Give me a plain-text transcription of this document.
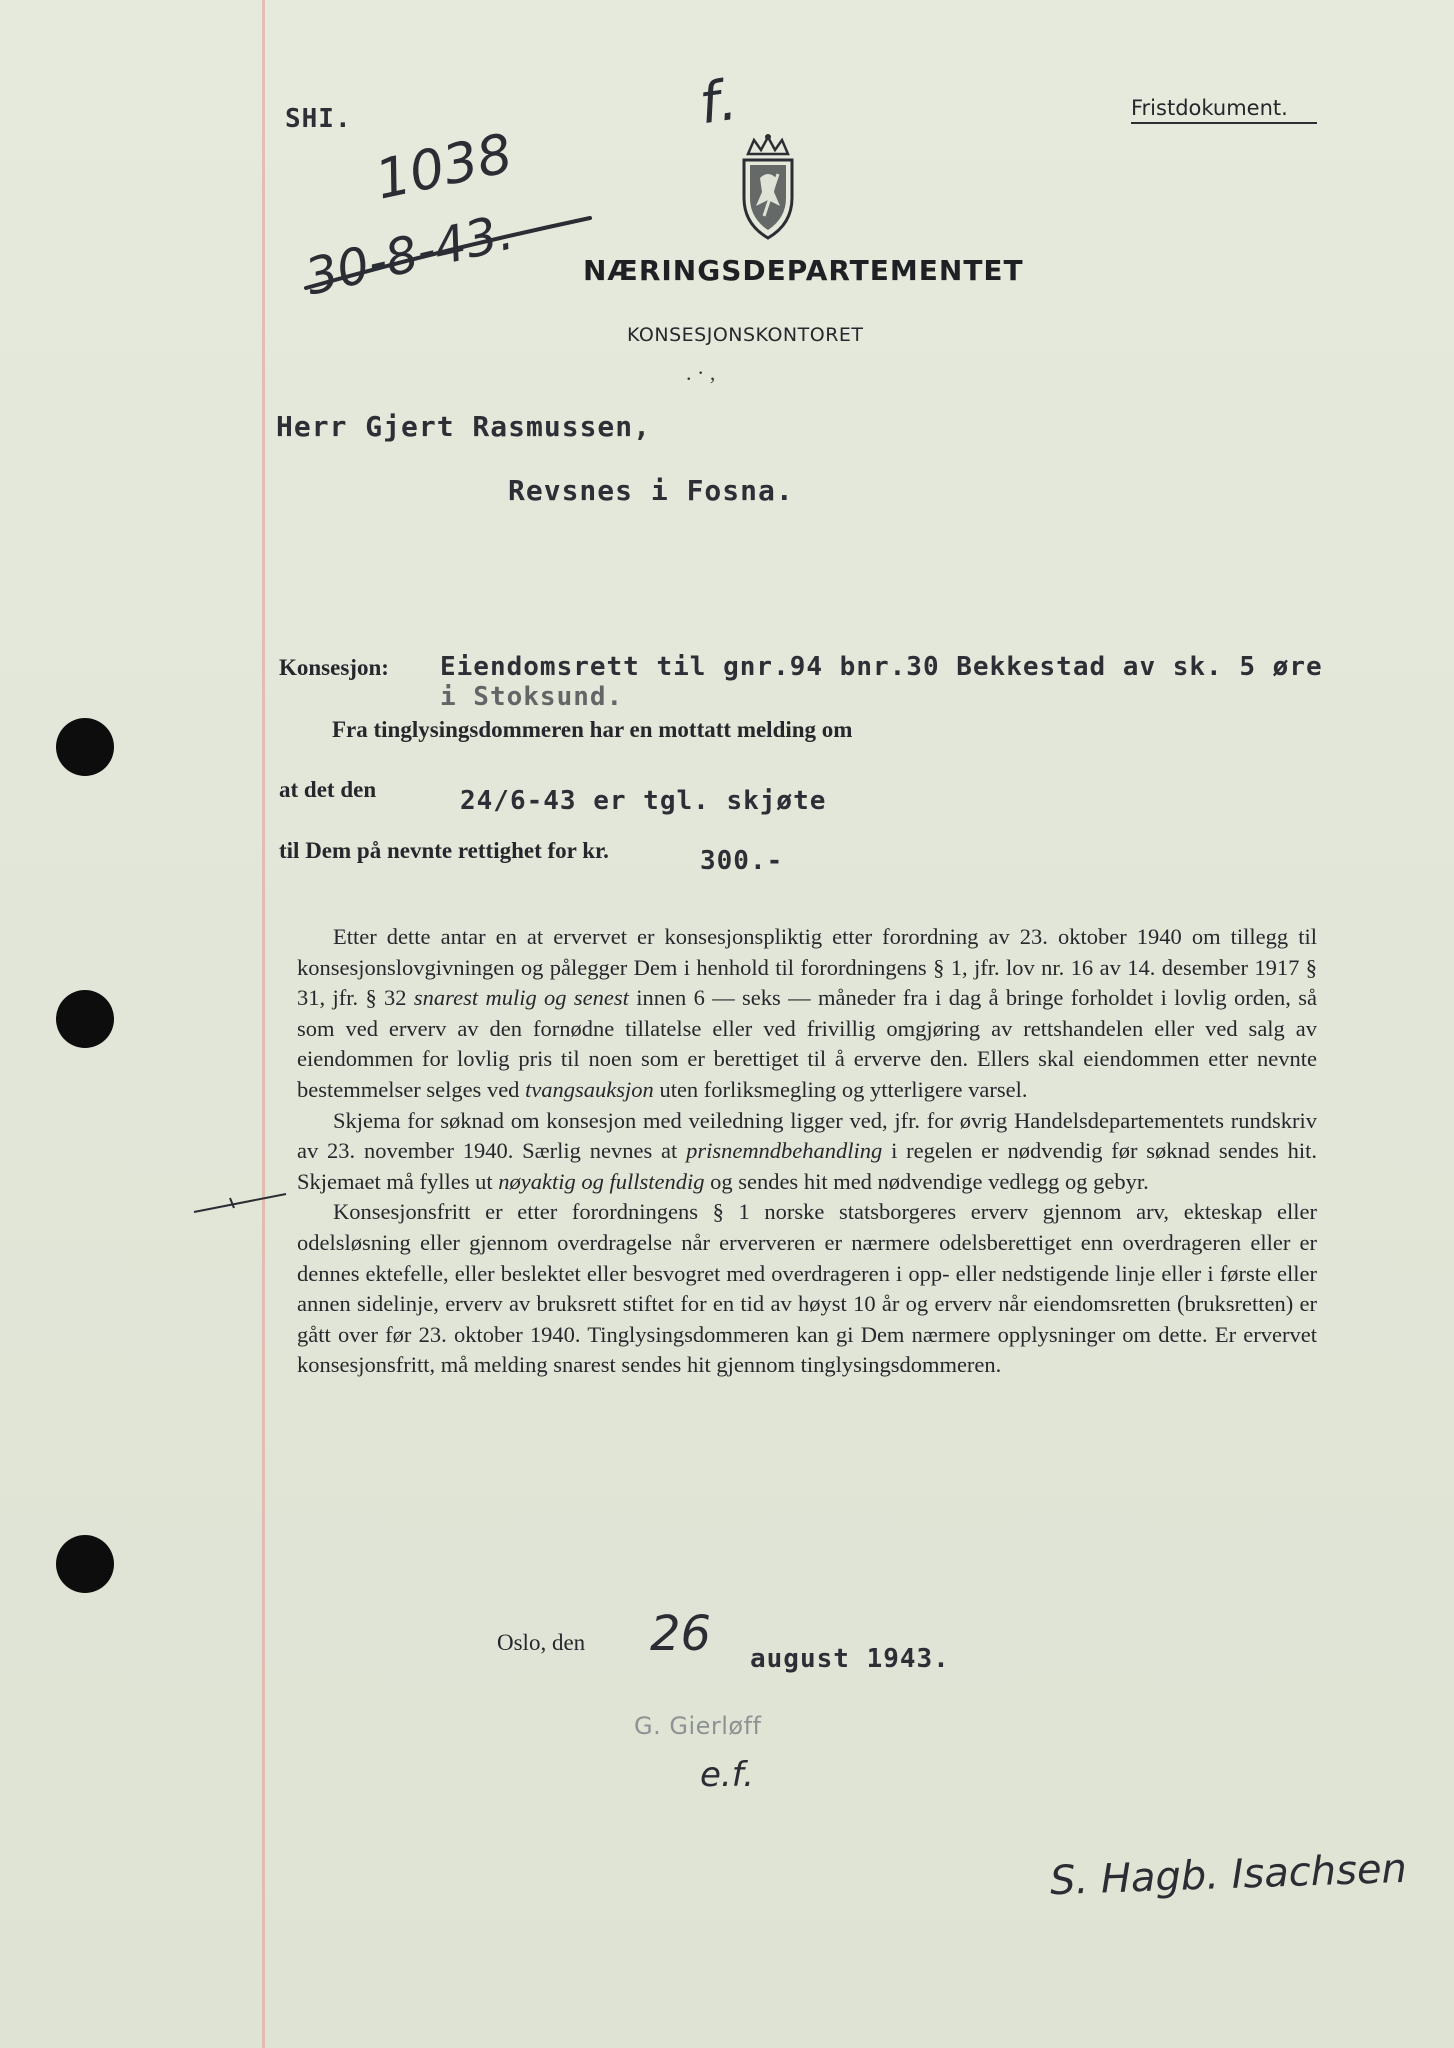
SHI.
1038
30-8-43.
f.
NÆRINGSDEPARTEMENTET
KONSESJONSKONTORET
. · ,
Fristdokument.
Herr Gjert Rasmussen,
Revsnes i Fosna.
Konsesjon: Eiendomsrett til gnr.94 bnr.30 Bekkestad av sk. 5 øre
i Stoksund.
Fra tinglysingsdommeren har en mottatt melding om
at det den	24/6-43 er tgl. skjøte
til Dem på nevnte rettighet for kr.	300.-

Etter dette antar en at ervervet er konsesjonspliktig etter forordning av 23. oktober 1940 om tillegg til konsesjonslovgivningen og pålegger Dem i henhold til forordningens § 1, jfr. lov nr. 16 av 14. desember 1917 § 31, jfr. § 32 snarest mulig og senest innen 6 — seks — måneder fra i dag å bringe forholdet i lovlig orden, så som ved erverv av den fornødne tillatelse eller ved frivillig omgjøring av rettshandelen eller ved salg av eiendommen for lovlig pris til noen som er berettiget til å erverve den. Ellers skal eiendommen etter nevnte bestemmelser selges ved tvangsauksjon uten forliksmegling og ytterligere varsel.

Skjema for søknad om konsesjon med veiledning ligger ved, jfr. for øvrig Handelsdepartementets rundskriv av 23. november 1940. Særlig nevnes at prisnemndbehandling i regelen er nødvendig før søknad sendes hit. Skjemaet må fylles ut nøyaktig og fullstendig og sendes hit med nødvendige vedlegg og gebyr.

Konsesjonsfritt er etter forordningens § 1 norske statsborgeres erverv gjennom arv, ekteskap eller odelsløsning eller gjennom overdragelse når erververen er nærmere odelsberettiget enn overdrageren eller er dennes ektefelle, eller beslektet eller besvogret med overdrageren i opp- eller nedstigende linje eller i første eller annen sidelinje, erverv av bruksrett stiftet for en tid av høyst 10 år og erverv når eiendomsretten (bruksretten) er gått over før 23. oktober 1940. Tinglysingsdommeren kan gi Dem nærmere opplysninger om dette. Er ervervet konsesjonsfritt, må melding snarest sendes hit gjennom tinglysingsdommeren.

Oslo, den 26 august 1943.
G. Gierløff
e.f.
S. Hagb. Isachsen
